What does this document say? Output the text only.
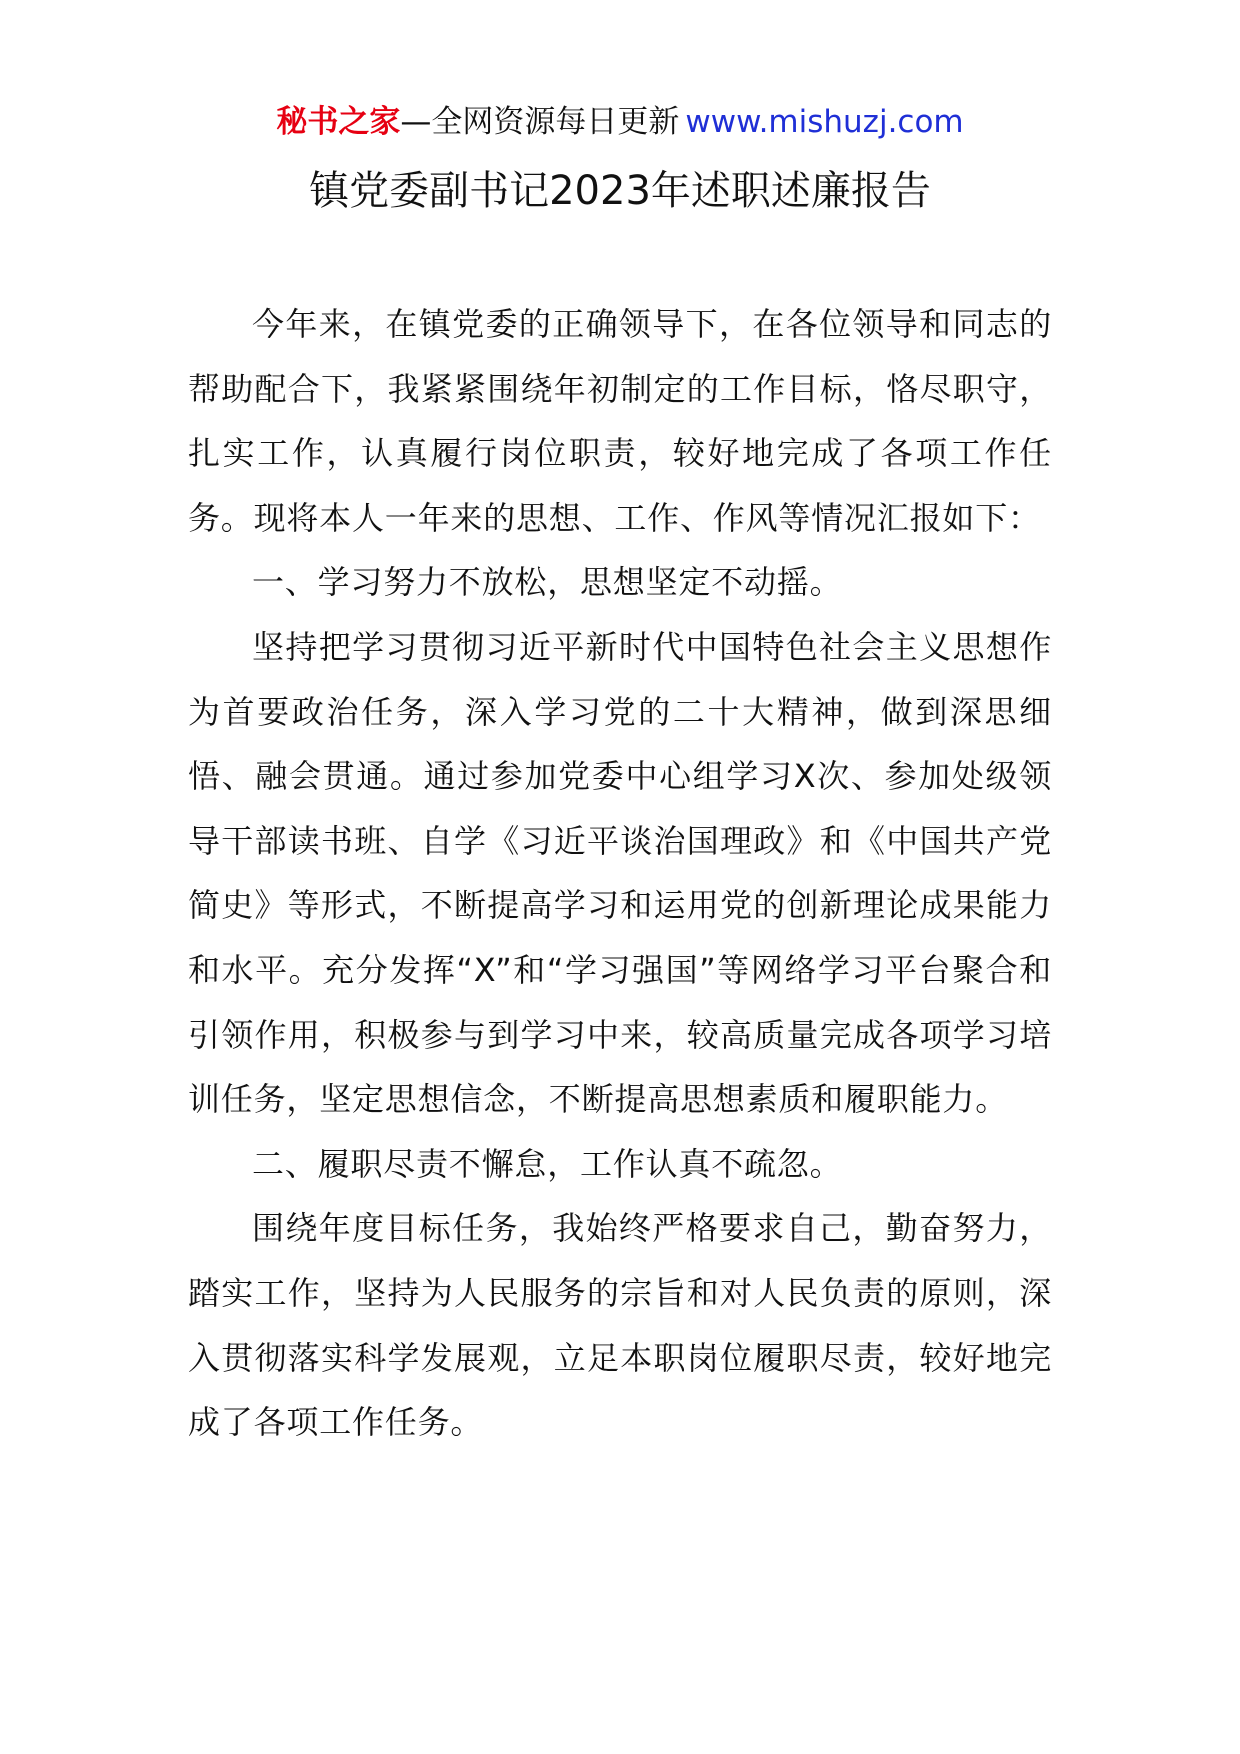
秘书之家—全网资源每日更新 www.mishuzj.com
镇党委副书记2023年述职述廉报告

今年来，在镇党委的正确领导下，在各位领导和同志的帮助配合下，我紧紧围绕年初制定的工作目标，恪尽职守，扎实工作，认真履行岗位职责，较好地完成了各项工作任务。现将本人一年来的思想、工作、作风等情况汇报如下：

一、学习努力不放松，思想坚定不动摇。

坚持把学习贯彻习近平新时代中国特色社会主义思想作为首要政治任务，深入学习党的二十大精神，做到深思细悟、融会贯通。通过参加党委中心组学习X次、参加处级领导干部读书班、自学《习近平谈治国理政》和《中国共产党简史》等形式，不断提高学习和运用党的创新理论成果能力和水平。充分发挥“X”和“学习强国”等网络学习平台聚合和引领作用，积极参与到学习中来，较高质量完成各项学习培训任务，坚定思想信念，不断提高思想素质和履职能力。

二、履职尽责不懈怠，工作认真不疏忽。

围绕年度目标任务，我始终严格要求自己，勤奋努力，踏实工作，坚持为人民服务的宗旨和对人民负责的原则，深入贯彻落实科学发展观，立足本职岗位履职尽责，较好地完成了各项工作任务。
